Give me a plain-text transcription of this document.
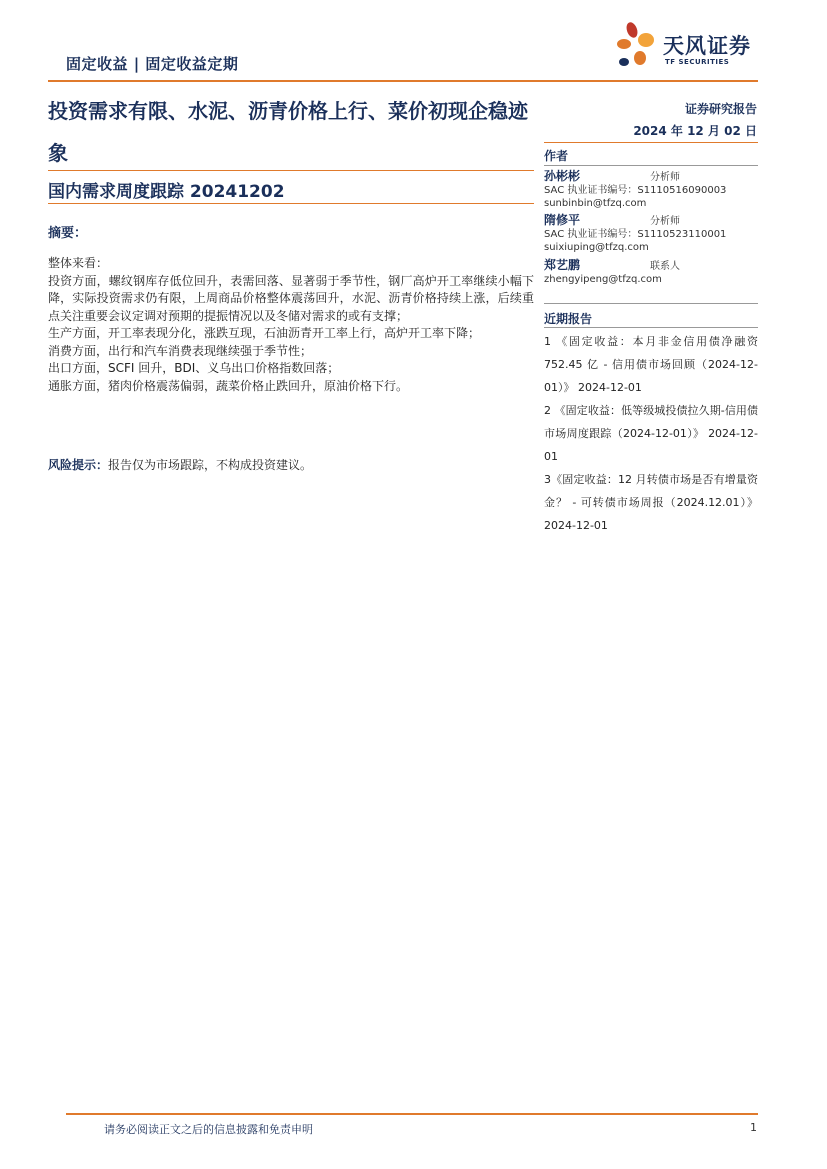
固定收益 | 固定收益定期
天风证券
TF SECURITIES
投资需求有限、水泥、沥青价格上行、菜价初现企稳迹象
国内需求周度跟踪 20241202
证券研究报告
2024 年 12 月 02 日
摘要：

整体来看：

投资方面，螺纹钢库存低位回升，表需回落、显著弱于季节性，钢厂高炉开工率继续小幅下降，实际投资需求仍有限，上周商品价格整体震荡回升，水泥、沥青价格持续上涨，后续重点关注重要会议定调对预期的提振情况以及冬储对需求的或有支撑；

生产方面，开工率表现分化，涨跌互现，石油沥青开工率上行，高炉开工率下降；

消费方面，出行和汽车消费表现继续强于季节性；

出口方面，SCFI 回升，BDI、义乌出口价格指数回落；

通胀方面，猪肉价格震荡偏弱，蔬菜价格止跌回升，原油价格下行。

风险提示：报告仅为市场跟踪，不构成投资建议。
作者
孙彬彬	分析师
SAC 执业证书编号：S1110516090003
sunbinbin@tfzq.com
隋修平	分析师
SAC 执业证书编号：S1110523110001
suixiuping@tfzq.com
郑艺鹏	联系人
zhengyipeng@tfzq.com
近期报告

1 《固定收益：本月非金信用债净融资 752.45 亿 - 信用债市场回顾（2024-12-01）》 2024-12-01

2 《固定收益：低等级城投债拉久期-信用债市场周度跟踪（2024-12-01）》 2024-12-01

3《固定收益：12 月转债市场是否有增量资金？ - 可转债市场周报（2024.12.01）》 2024-12-01

请务必阅读正文之后的信息披露和免责申明	1
